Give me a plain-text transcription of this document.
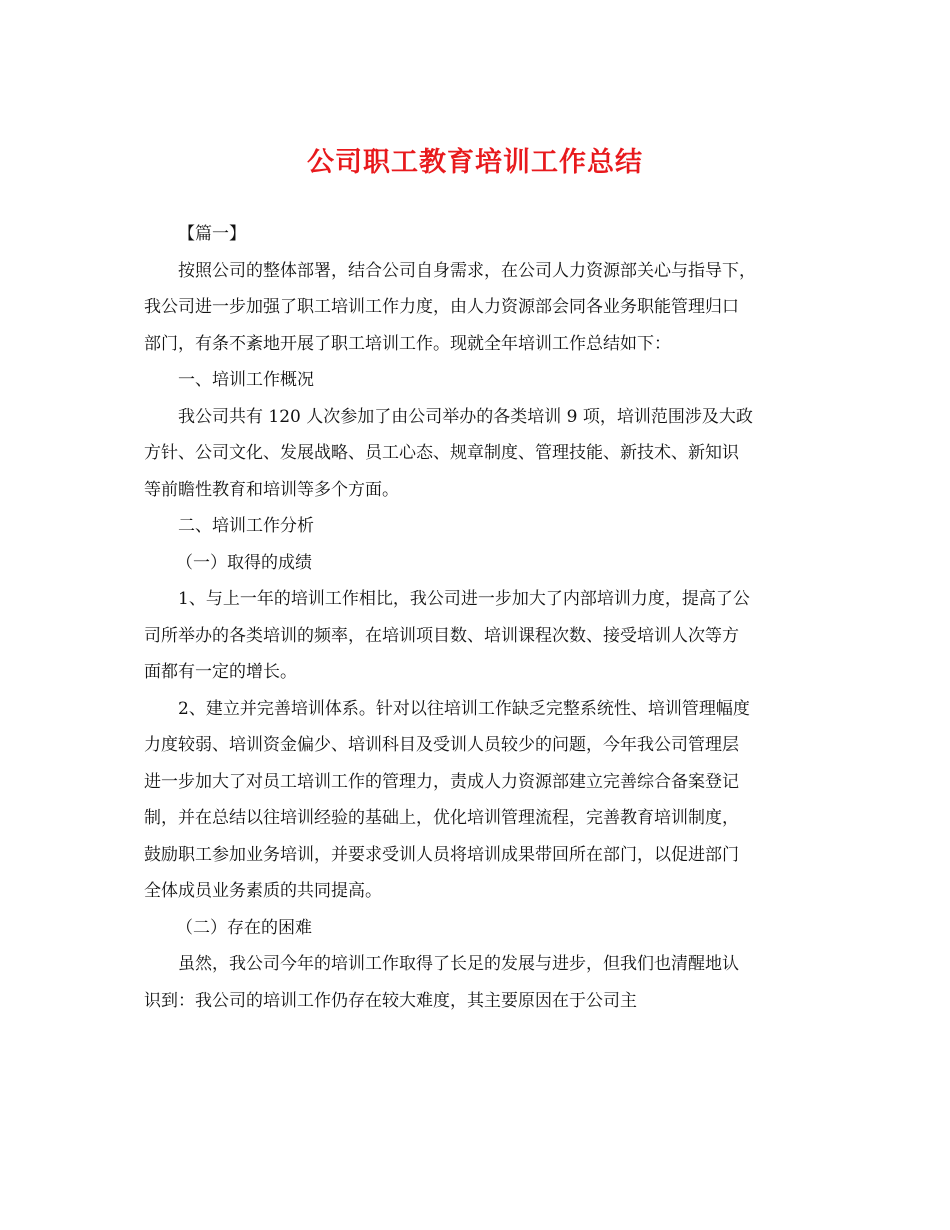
公司职工教育培训工作总结

【篇一】

按照公司的整体部署，结合公司自身需求，在公司人力资源部关心与指导下，

我公司进一步加强了职工培训工作力度，由人力资源部会同各业务职能管理归口

部门，有条不紊地开展了职工培训工作。现就全年培训工作总结如下：

一、培训工作概况

我公司共有 120 人次参加了由公司举办的各类培训 9 项，培训范围涉及大政

方针、公司文化、发展战略、员工心态、规章制度、管理技能、新技术、新知识

等前瞻性教育和培训等多个方面。

二、培训工作分析

（一）取得的成绩

1、与上一年的培训工作相比，我公司进一步加大了内部培训力度，提高了公

司所举办的各类培训的频率，在培训项目数、培训课程次数、接受培训人次等方

面都有一定的增长。

2、建立并完善培训体系。针对以往培训工作缺乏完整系统性、培训管理幅度

力度较弱、培训资金偏少、培训科目及受训人员较少的问题，今年我公司管理层

进一步加大了对员工培训工作的管理力，责成人力资源部建立完善综合备案登记

制，并在总结以往培训经验的基础上，优化培训管理流程，完善教育培训制度，

鼓励职工参加业务培训，并要求受训人员将培训成果带回所在部门，以促进部门

全体成员业务素质的共同提高。

（二）存在的困难

虽然，我公司今年的培训工作取得了长足的发展与进步，但我们也清醒地认

识到：我公司的培训工作仍存在较大难度，其主要原因在于公司主
